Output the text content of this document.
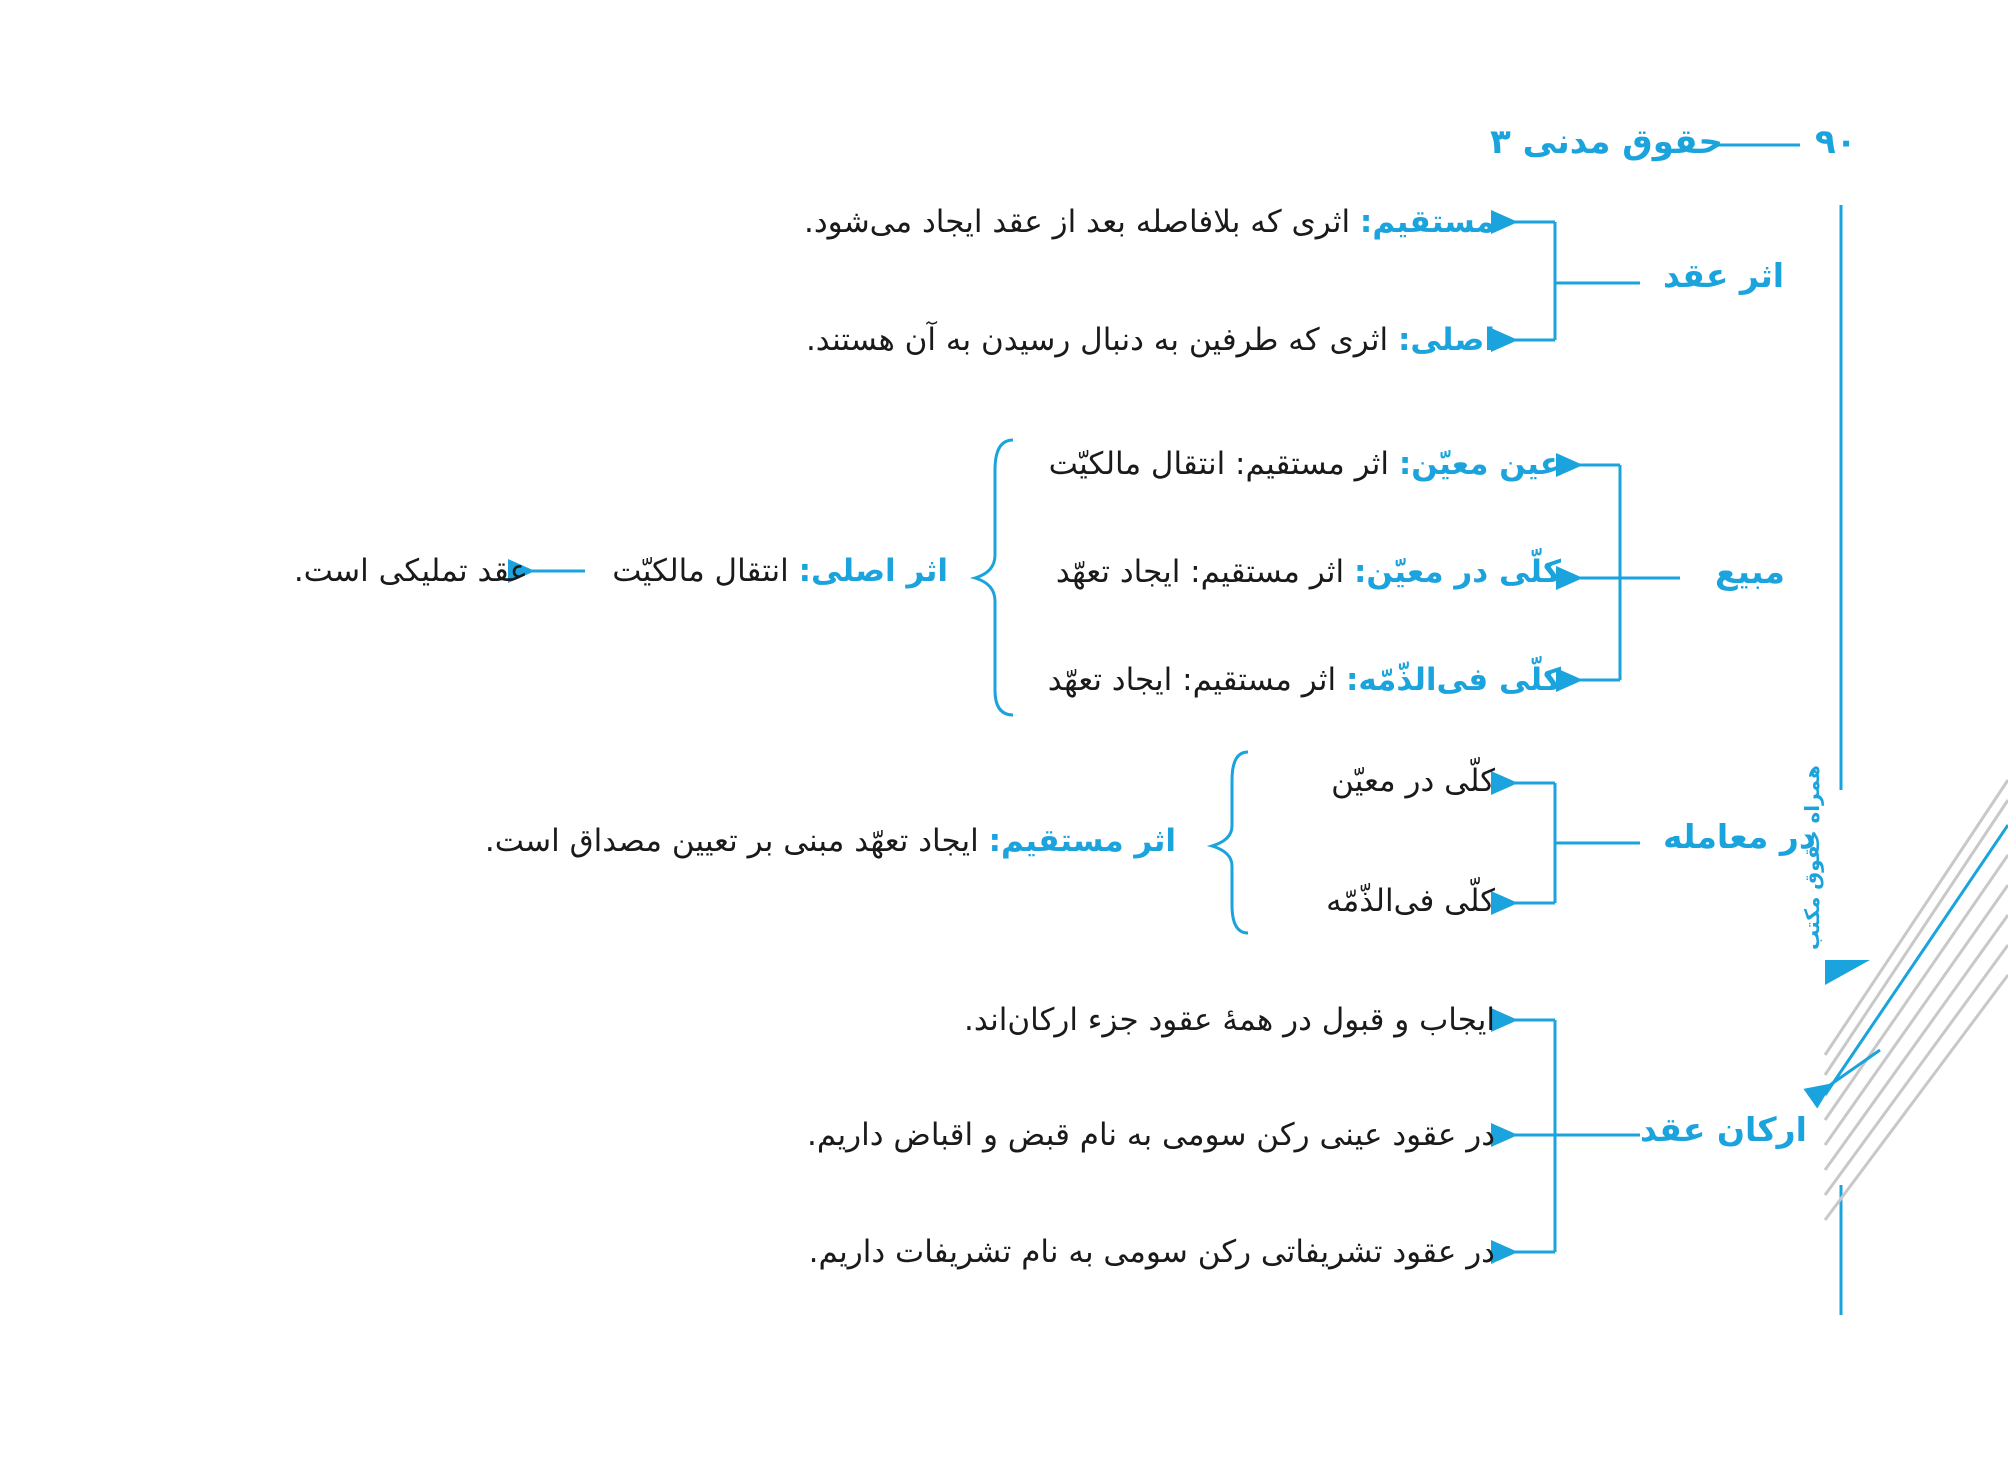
۹۰
حقوق مدنی ۳
همراه حقوق مکتب
اثر عقد
مستقیم: اثری که بلافاصله بعد از عقد ایجاد می‌شود.
اصلی: اثری که طرفین به دنبال رسیدن به آن هستند.
مبیع
عین معیّن: اثر مستقیم: انتقال مالکیّت
کلّی در معیّن: اثر مستقیم: ایجاد تعهّد
کلّی فی‌الذّمّه: اثر مستقیم: ایجاد تعهّد
اثر اصلی: انتقال مالکیّت
عقد تملیکی است.
در معامله
کلّی در معیّن
کلّی فی‌الذّمّه
اثر مستقیم: ایجاد تعهّد مبنی بر تعیین مصداق است.
ارکان عقد
ایجاب و قبول در همهٔ عقود جزء ارکان‌اند.
در عقود عینی رکن سومی به نام قبض و اقباض داریم.
در عقود تشریفاتی رکن سومی به نام تشریفات داریم.
